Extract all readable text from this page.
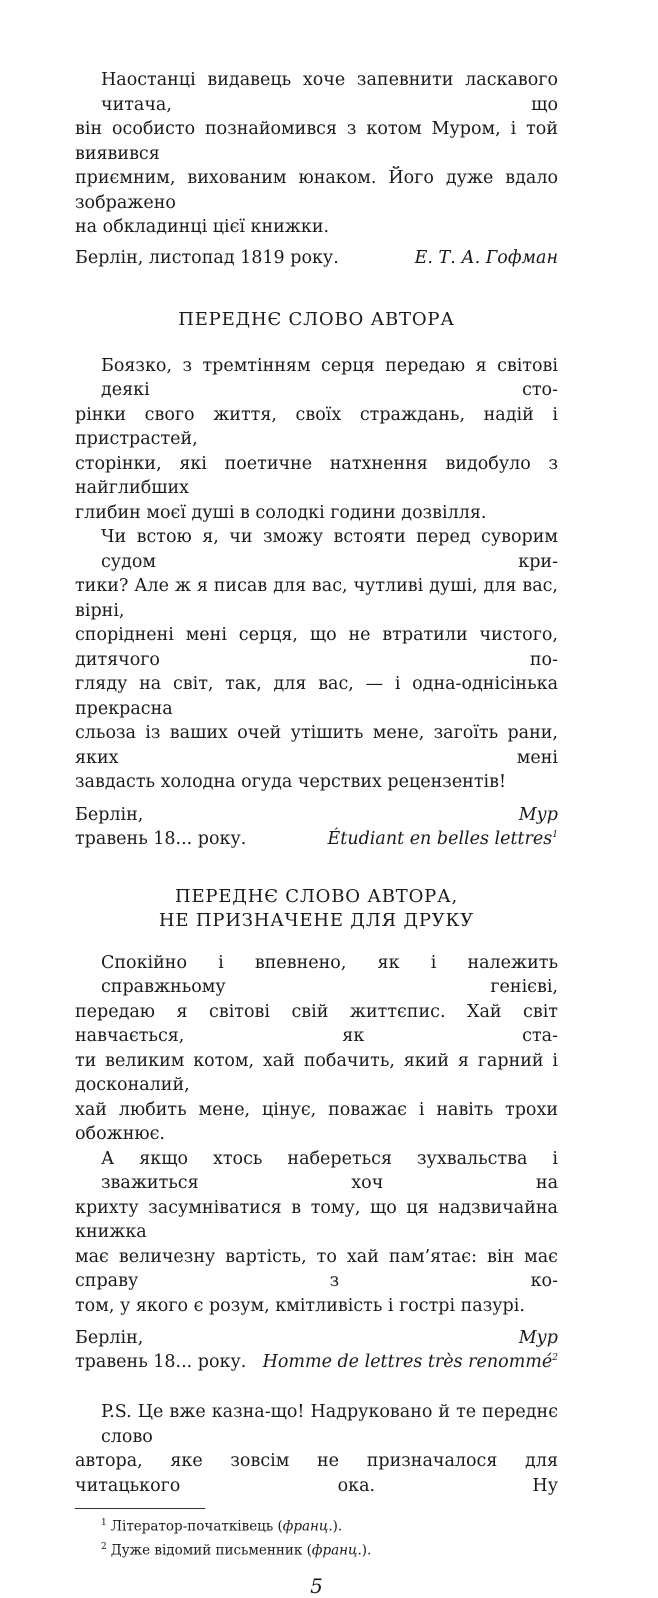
Наостанці видавець хоче запевнити ласкавого читача, що
він особисто познайомився з котом Муром, і той виявився
приємним, вихованим юнаком. Його дуже вдало зображено
на обкладинці цієї книжки.

Берлін, листопад 1819 року.	Е. Т. А. Гофман
ПЕРЕДНЄ СЛОВО АВТОРА

Боязко, з тремтінням серця передаю я світові деякі сто-
рінки свого життя, своїх страждань, надій і пристрастей,
сторінки, які поетичне натхнення видобуло з найглибших
глибин моєї душі в солодкі години дозвілля.

Чи встою я, чи зможу встояти перед суворим судом кри-
тики? Але ж я писав для вас, чутливі душі, для вас, вірні,
споріднені мені серця, що не втратили чистого, дитячого по-
гляду на світ, так, для вас, — і одна-однісінька прекрасна
сльоза із ваших очей утішить мене, загоїть рани, яких мені
завдасть холодна огуда черствих рецензентів!

Берлін,	Мур
травень 18... року.	Étudiant en belles lettres$^1$
ПЕРЕДНЄ СЛОВО АВТОРА,
НЕ ПРИЗНАЧЕНЕ ДЛЯ ДРУКУ

Спокійно і впевнено, як і належить справжньому генієві,
передаю я світові свій життєпис. Хай світ навчається, як ста-
ти великим котом, хай побачить, який я гарний і досконалий,
хай любить мене, цінує, поважає і навіть трохи обожнює.

А якщо хтось набереться зухвальства і зважиться хоч на
крихту засумніватися в тому, що ця надзвичайна книжка
має величезну вартість, то хай пам’ятає: він має справу з ко-
том, у якого є розум, кмітливість і гострі пазурі.

Берлін,	Мур
травень 18... року. Homme de lettres très renommé$^2$

P.S. Це вже казна-що! Надруковано й те переднє слово
автора, яке зовсім не призначалося для читацького ока. Ну

$^1$ Літератор-початківець (франц.).
$^2$ Дуже відомий письменник (франц.).
5
